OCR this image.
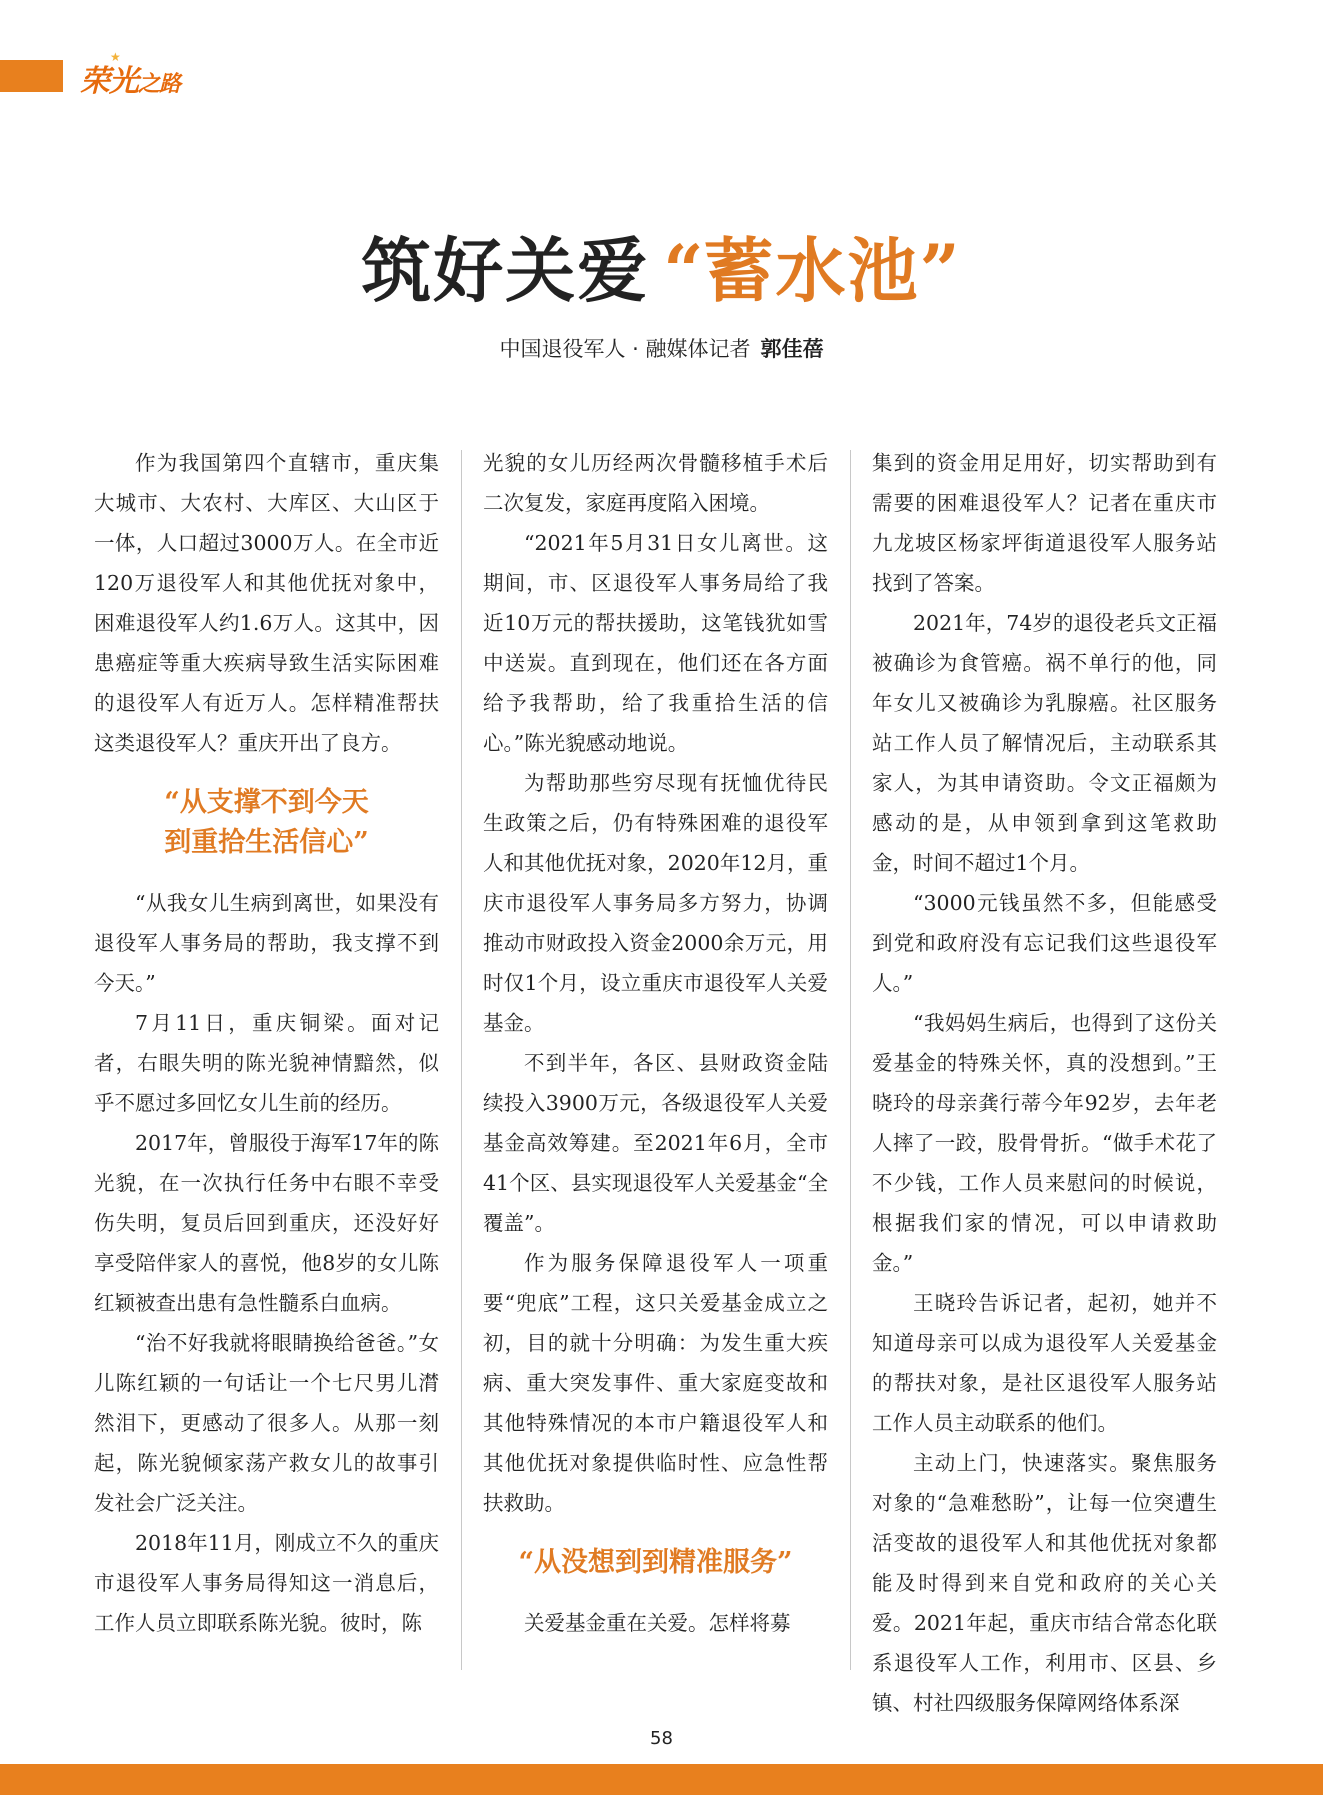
荣光之路
★
筑好关爱  “蓄水池”
中国退役军人 · 融媒体记者 郭佳蓓

作为我国第四个直辖市，重庆集大城市、大农村、大库区、大山区于一体，人口超过3000万人。在全市近120万退役军人和其他优抚对象中，困难退役军人约1.6万人。这其中，因患癌症等重大疾病导致生活实际困难的退役军人有近万人。怎样精准帮扶这类退役军人？重庆开出了良方。

“从支撑不到今天
到重拾生活信心”

“从我女儿生病到离世，如果没有退役军人事务局的帮助，我支撑不到今天。”

7月11日，重庆铜梁。面对记者，右眼失明的陈光貌神情黯然，似乎不愿过多回忆女儿生前的经历。

2017年，曾服役于海军17年的陈光貌，在一次执行任务中右眼不幸受伤失明，复员后回到重庆，还没好好享受陪伴家人的喜悦，他8岁的女儿陈红颖被查出患有急性髓系白血病。

“治不好我就将眼睛换给爸爸。”女儿陈红颖的一句话让一个七尺男儿潸然泪下，更感动了很多人。从那一刻起，陈光貌倾家荡产救女儿的故事引发社会广泛关注。

2018年11月，刚成立不久的重庆市退役军人事务局得知这一消息后，工作人员立即联系陈光貌。彼时，陈

光貌的女儿历经两次骨髓移植手术后二次复发，家庭再度陷入困境。

“2021年5月31日女儿离世。这期间，市、区退役军人事务局给了我近10万元的帮扶援助，这笔钱犹如雪中送炭。直到现在，他们还在各方面给予我帮助，给了我重拾生活的信心。”陈光貌感动地说。

为帮助那些穷尽现有抚恤优待民生政策之后，仍有特殊困难的退役军人和其他优抚对象，2020年12月，重庆市退役军人事务局多方努力，协调推动市财政投入资金2000余万元，用时仅1个月，设立重庆市退役军人关爱基金。

不到半年，各区、县财政资金陆续投入3900万元，各级退役军人关爱基金高效筹建。至2021年6月，全市41个区、县实现退役军人关爱基金“全覆盖”。

作为服务保障退役军人一项重要“兜底”工程，这只关爱基金成立之初，目的就十分明确：为发生重大疾病、重大突发事件、重大家庭变故和其他特殊情况的本市户籍退役军人和其他优抚对象提供临时性、应急性帮扶救助。

“从没想到到精准服务”

关爱基金重在关爱。怎样将募

集到的资金用足用好，切实帮助到有需要的困难退役军人？记者在重庆市九龙坡区杨家坪街道退役军人服务站找到了答案。

2021年，74岁的退役老兵文正福被确诊为食管癌。祸不单行的他，同年女儿又被确诊为乳腺癌。社区服务站工作人员了解情况后，主动联系其家人，为其申请资助。令文正福颇为感动的是，从申领到拿到这笔救助金，时间不超过1个月。

“3000元钱虽然不多，但能感受到党和政府没有忘记我们这些退役军人。”

“我妈妈生病后，也得到了这份关爱基金的特殊关怀，真的没想到。”王晓玲的母亲龚行蒂今年92岁，去年老人摔了一跤，股骨骨折。“做手术花了不少钱，工作人员来慰问的时候说，根据我们家的情况，可以申请救助金。”

王晓玲告诉记者，起初，她并不知道母亲可以成为退役军人关爱基金的帮扶对象，是社区退役军人服务站工作人员主动联系的他们。

主动上门，快速落实。聚焦服务对象的“急难愁盼”，让每一位突遭生活变故的退役军人和其他优抚对象都能及时得到来自党和政府的关心关爱。2021年起，重庆市结合常态化联系退役军人工作，利用市、区县、乡镇、村社四级服务保障网络体系深

58
